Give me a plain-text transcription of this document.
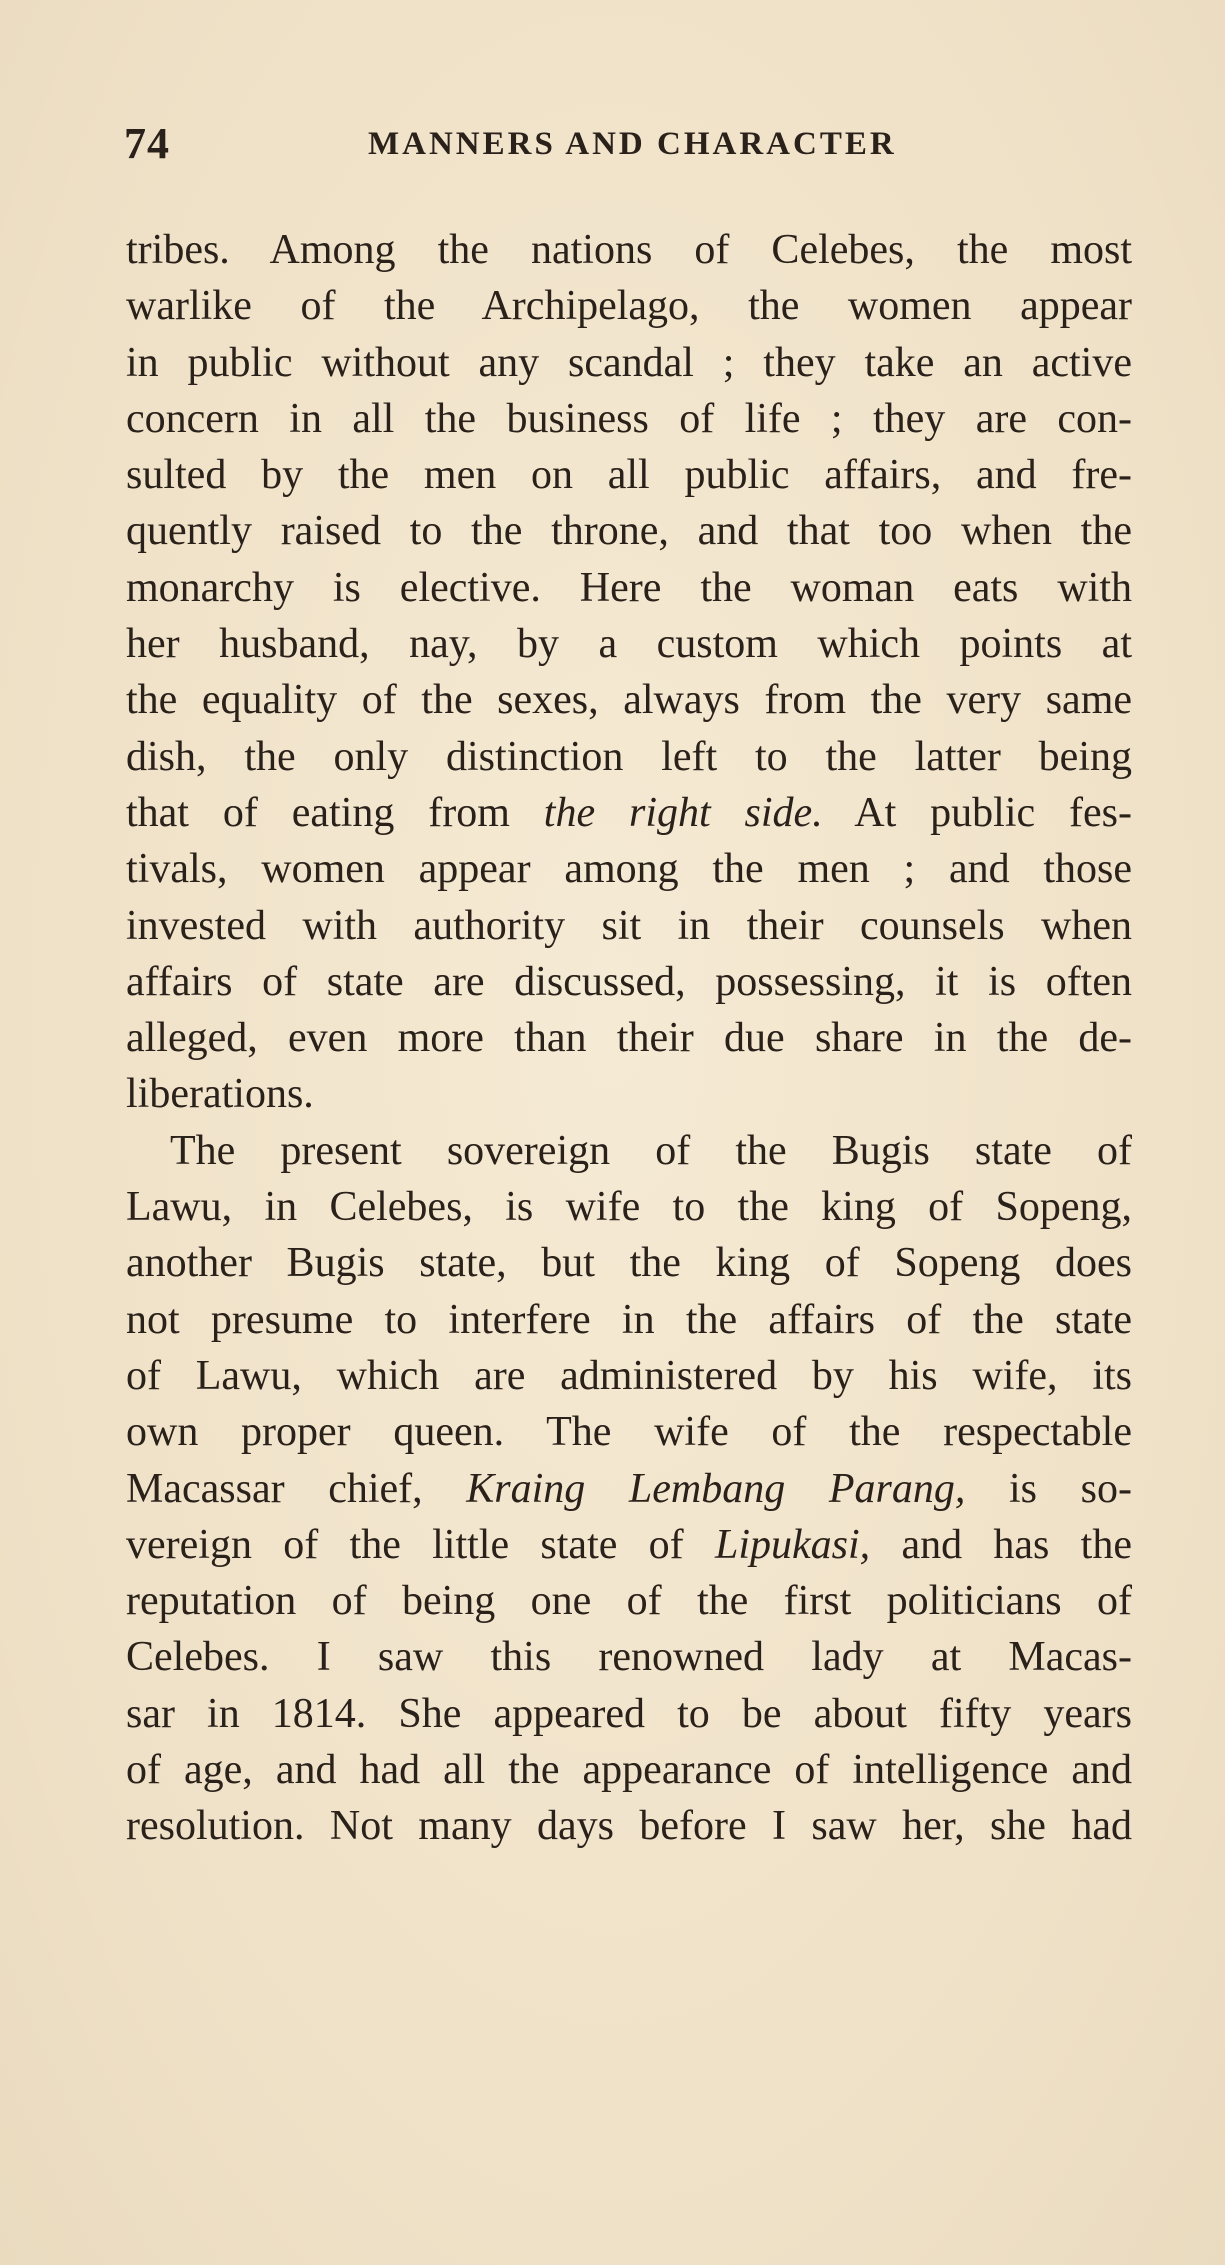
74	MANNERS AND CHARACTER
tribes. Among the nations of Celebes, the most
warlike of the Archipelago, the women appear
in public without any scandal ; they take an active
concern in all the business of life ; they are con-
sulted by the men on all public affairs, and fre-
quently raised to the throne, and that too when the
monarchy is elective. Here the woman eats with
her husband, nay, by a custom which points at
the equality of the sexes, always from the very same
dish, the only distinction left to the latter being
that of eating from the right side. At public fes-
tivals, women appear among the men ; and those
invested with authority sit in their counsels when
affairs of state are discussed, possessing, it is often
alleged, even more than their due share in the de-
liberations.
The present sovereign of the Bugis state of
Lawu, in Celebes, is wife to the king of Sopeng,
another Bugis state, but the king of Sopeng does
not presume to interfere in the affairs of the state
of Lawu, which are administered by his wife, its
own proper queen. The wife of the respectable
Macassar chief, Kraing Lembang Parang, is so-
vereign of the little state of Lipukasi, and has the
reputation of being one of the first politicians of
Celebes. I saw this renowned lady at Macas-
sar in 1814. She appeared to be about fifty years
of age, and had all the appearance of intelligence and
resolution. Not many days before I saw her, she had
